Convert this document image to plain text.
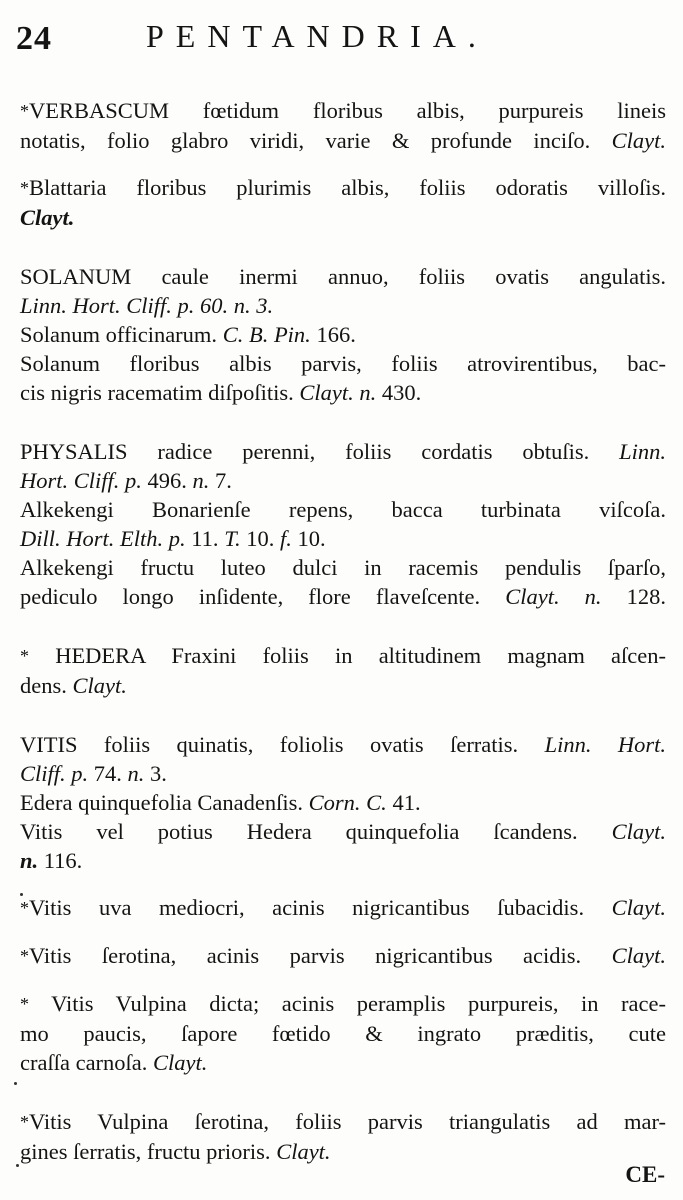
24	PENTANDRIA.
*VERBASCUM fœtidum floribus albis, purpureis lineis
notatis, folio glabro viridi, varie & profunde inciſo. Clayt.
*Blattaria floribus plurimis albis, foliis odoratis villoſis.
Clayt.
SOLANUM caule inermi annuo, foliis ovatis angulatis.
Linn. Hort. Cliff. p. 60. n. 3.
Solanum officinarum. C. B. Pin. 166.
Solanum floribus albis parvis, foliis atrovirentibus, bac-
cis nigris racematim diſpoſitis. Clayt. n. 430.
PHYSALIS radice perenni, foliis cordatis obtuſis. Linn.
Hort. Cliff. p. 496. n. 7.
Alkekengi Bonarienſe repens, bacca turbinata viſcoſa.
Dill. Hort. Elth. p. 11. T. 10. f. 10.
Alkekengi fructu luteo dulci in racemis pendulis ſparſo,
pediculo longo inſidente, flore flaveſcente. Clayt. n. 128.
* HEDERA Fraxini foliis in altitudinem magnam aſcen-
dens. Clayt.
VITIS foliis quinatis, foliolis ovatis ſerratis. Linn. Hort.
Cliff. p. 74. n. 3.
Edera quinquefolia Canadenſis. Corn. C. 41.
Vitis vel potius Hedera quinquefolia ſcandens. Clayt.
n. 116.
*Vitis uva mediocri, acinis nigricantibus ſubacidis. Clayt.
*Vitis ſerotina, acinis parvis nigricantibus acidis. Clayt.
* Vitis Vulpina dicta; acinis peramplis purpureis, in race-
mo paucis, ſapore fœtido & ingrato præditis, cute
craſſa carnoſa. Clayt.
*Vitis Vulpina ſerotina, foliis parvis triangulatis ad mar-
gines ſerratis, fructu prioris. Clayt.
CE-
